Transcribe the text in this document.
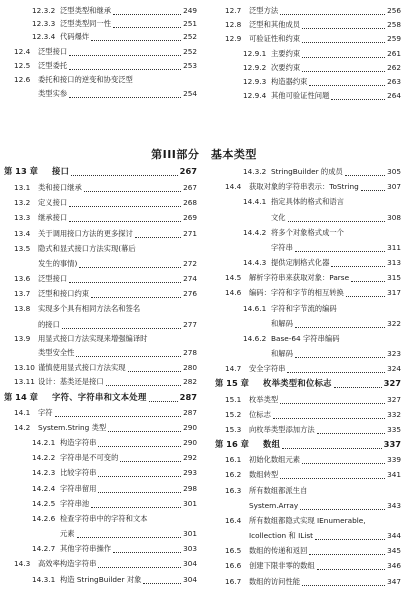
12.3.2 泛型类型和继承	249
12.3.3 泛型类型同一性	251
12.3.4 代码爆炸	252
12.4 泛型接口	252
12.5 泛型委托	253
12.6 委托和接口的逆变和协变泛型
类型实参	254
12.7 泛型方法	256
12.8 泛型和其他成员	258
12.9 可验证性和约束	259
12.9.1 主要约束	261
12.9.2 次要约束	262
12.9.3 构造器约束	263
12.9.4 其他可验证性问题	264
第III部分　基本类型
第 13 章 接口	267
13.1 类和接口继承	267
13.2 定义接口	268
13.3 继承接口	269
13.4 关于调用接口方法的更多探讨	271
13.5 隐式和显式接口方法实现(幕后
发生的事情)	272
13.6 泛型接口	274
13.7 泛型和接口约束	276
13.8 实现多个具有相同方法名和签名
的接口	277
13.9 用显式接口方法实现来增强编译时
类型安全性	278
13.10 谨慎使用显式接口方法实现	280
13.11 设计：基类还是接口	282
第 14 章 字符、字符串和文本处理	287
14.1 字符	287
14.2 System.String 类型	290
14.2.1 构造字符串	290
14.2.2 字符串是不可变的	292
14.2.3 比较字符串	293
14.2.4 字符串留用	298
14.2.5 字符串池	301
14.2.6 检查字符串中的字符和文本
元素	301
14.2.7 其他字符串操作	303
14.3 高效率构造字符串	304
14.3.1 构造 StringBuilder 对象	304
14.3.2 StringBuilder 的成员	305
14.4 获取对象的字符串表示：ToString	307
14.4.1 指定具体的格式和语言
文化	308
14.4.2 将多个对象格式成一个
字符串	311
14.4.3 提供定制格式化器	313
14.5 解析字符串来获取对象：Parse	315
14.6 编码：字符和字节的相互转换	317
14.6.1 字符和字节流的编码
和解码	322
14.6.2 Base-64 字符串编码
和解码	323
14.7 安全字符串	324
第 15 章 枚举类型和位标志	327
15.1 枚举类型	327
15.2 位标志	332
15.3 向枚举类型添加方法	335
第 16 章 数组	337
16.1 初始化数组元素	339
16.2 数组转型	341
16.3 所有数组都派生自
System.Array	343
16.4 所有数组都隐式实现 IEnumerable,
Icollection 和 IList	344
16.5 数组的传递和返回	345
16.6 创建下限非零的数组	346
16.7 数组的访问性能	347
